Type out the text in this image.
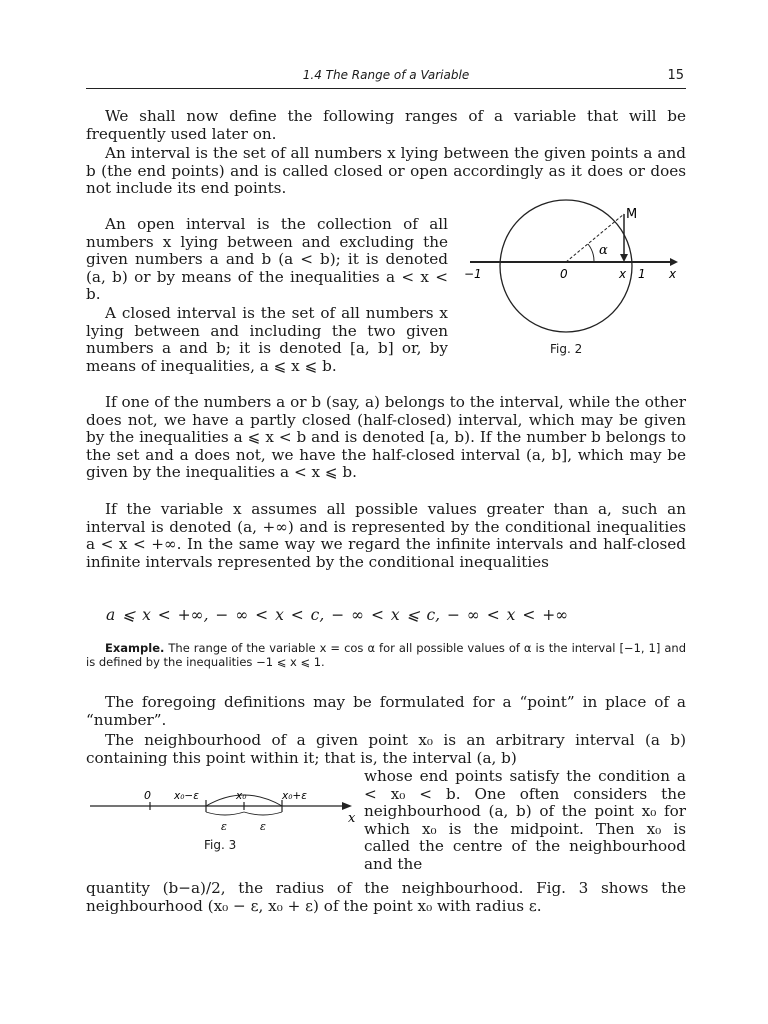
1.4 The Range of a Variable	15

We shall now define the following ranges of a variable that will be frequently used later on.

An interval is the set of all numbers x lying between the given points a and b (the end points) and is called closed or open accordingly as it does or does not include its end points.

An open interval is the collection of all numbers x lying between and excluding the given numbers a and b (a < b); it is denoted (a, b) or by means of the inequalities a < x < b.

A closed interval is the set of all numbers x lying between and including the two given numbers a and b; it is denoted [a, b] or, by means of inequalities, a ⩽ x ⩽ b.

M
α
−1	0	x 1 x
Fig. 2

If one of the numbers a or b (say, a) belongs to the interval, while the other does not, we have a partly closed (half-closed) interval, which may be given by the inequalities a ⩽ x < b and is denoted [a, b). If the number b belongs to the set and a does not, we have the half-closed interval (a, b], which may be given by the inequalities a < x ⩽ b.

If the variable x assumes all possible values greater than a, such an interval is denoted (a, +∞) and is represented by the conditional inequalities a < x < +∞. In the same way we regard the infinite intervals and half-closed infinite intervals represented by the conditional inequalities

a ⩽ x < +∞, − ∞ < x < c, − ∞ < x ⩽ c, − ∞ < x < +∞
Example. The range of the variable x = cos α for all possible values of α is the interval [−1, 1] and is defined by the inequalities −1 ⩽ x ⩽ 1.

The foregoing definitions may be formulated for a “point” in place of a “number”.

The neighbourhood of a given point x₀ is an arbitrary interval (a b) containing this point within it; that is, the interval (a, b)

whose end points satisfy the condition a < x₀ < b. One often considers the neighbourhood (a, b) of the point x₀ for which x₀ is the midpoint. Then x₀ is called the centre of the neighbourhood and the

0 x₀−ε	x₀	x₀+ε
ε	ε
x
Fig. 3

quantity (b−a)/2, the radius of the neighbourhood. Fig. 3 shows the neighbourhood (x₀ − ε, x₀ + ε) of the point x₀ with radius ε.
